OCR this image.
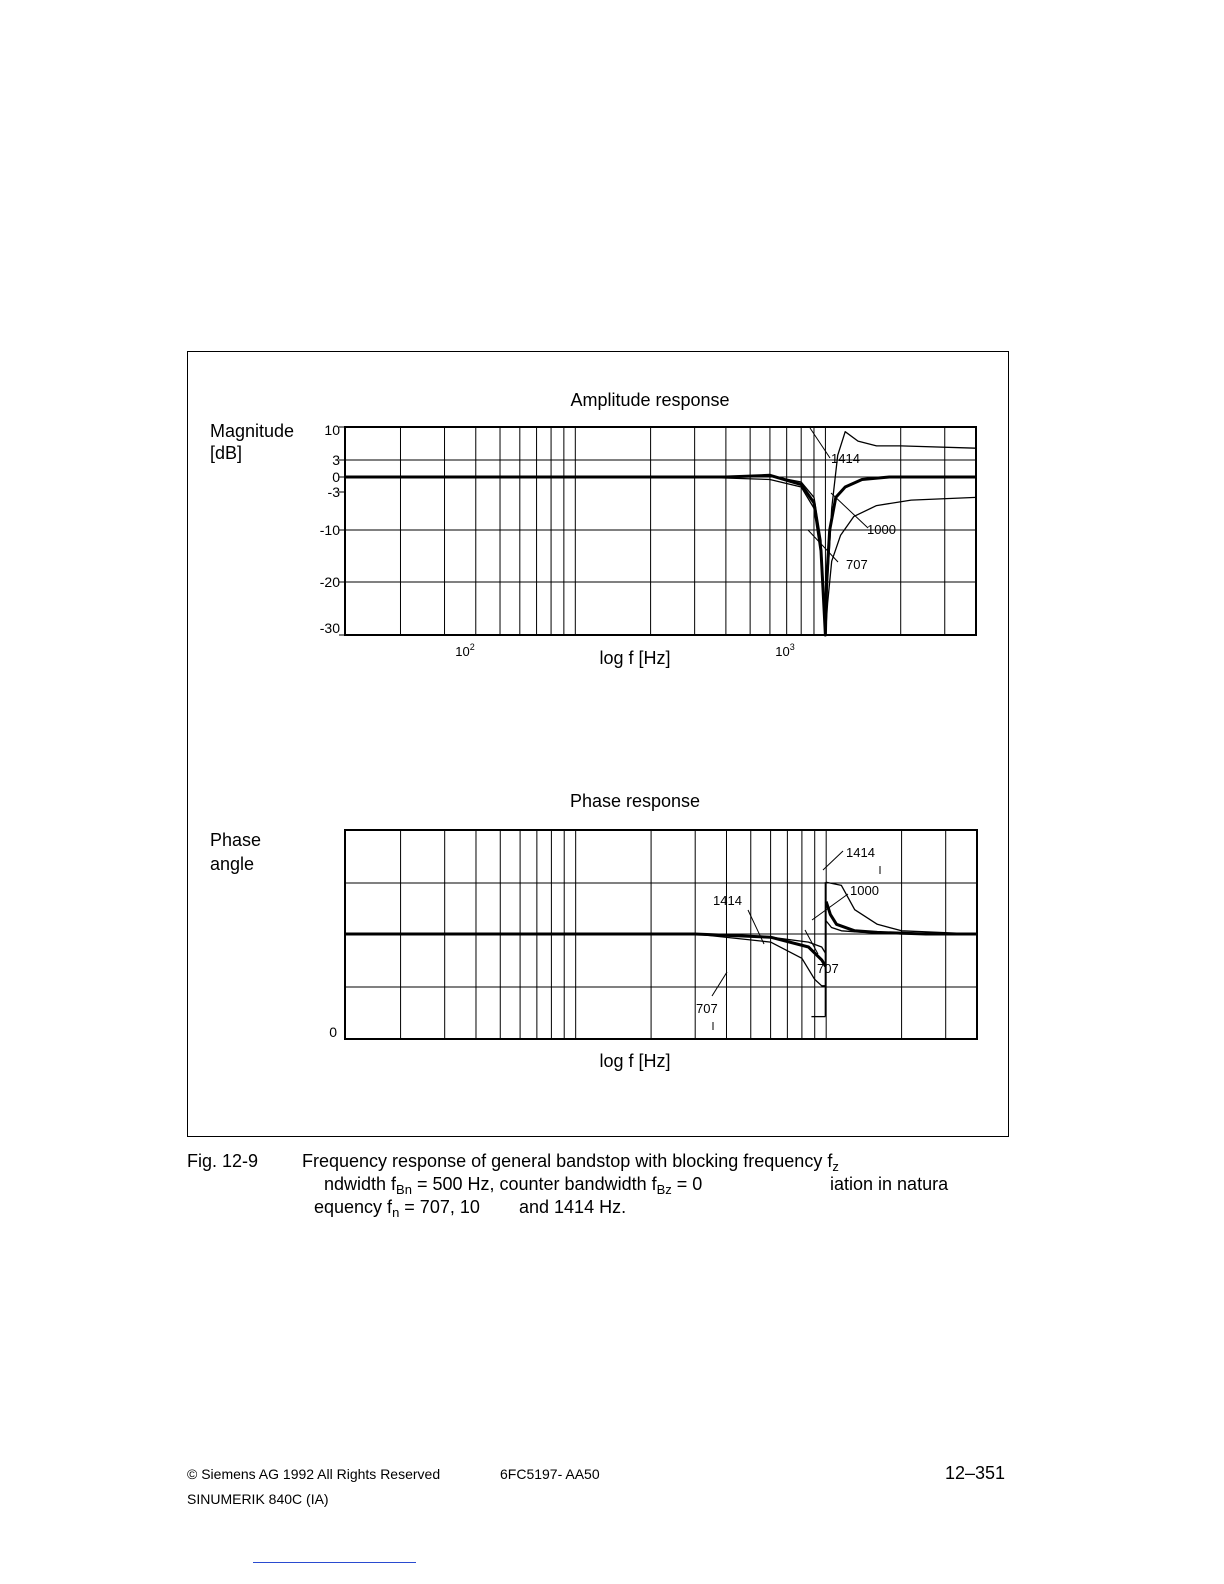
Amplitude response
Magnitude
[dB]
log f [Hz]
$10^2$	$10^3$
10
3
0
-3
-10
-20
-30
1414
1000
707
Phase response
Phase
angle
log f [Hz]
0
1414
1000
707
1414
707
Fig. 12-9 Frequency response of general bandstop with blocking frequency $f_z$
ndwidth $f_{Bn} = 500$ Hz, counter bandwidth $f_{Bz} = 0$	iation in natura
equency $f_n = 707$, 10 and 1414 Hz.
© Siemens AG 1992 All Rights Reserved	6FC5197- AA50
SINUMERIK 840C (IA)
12–351
